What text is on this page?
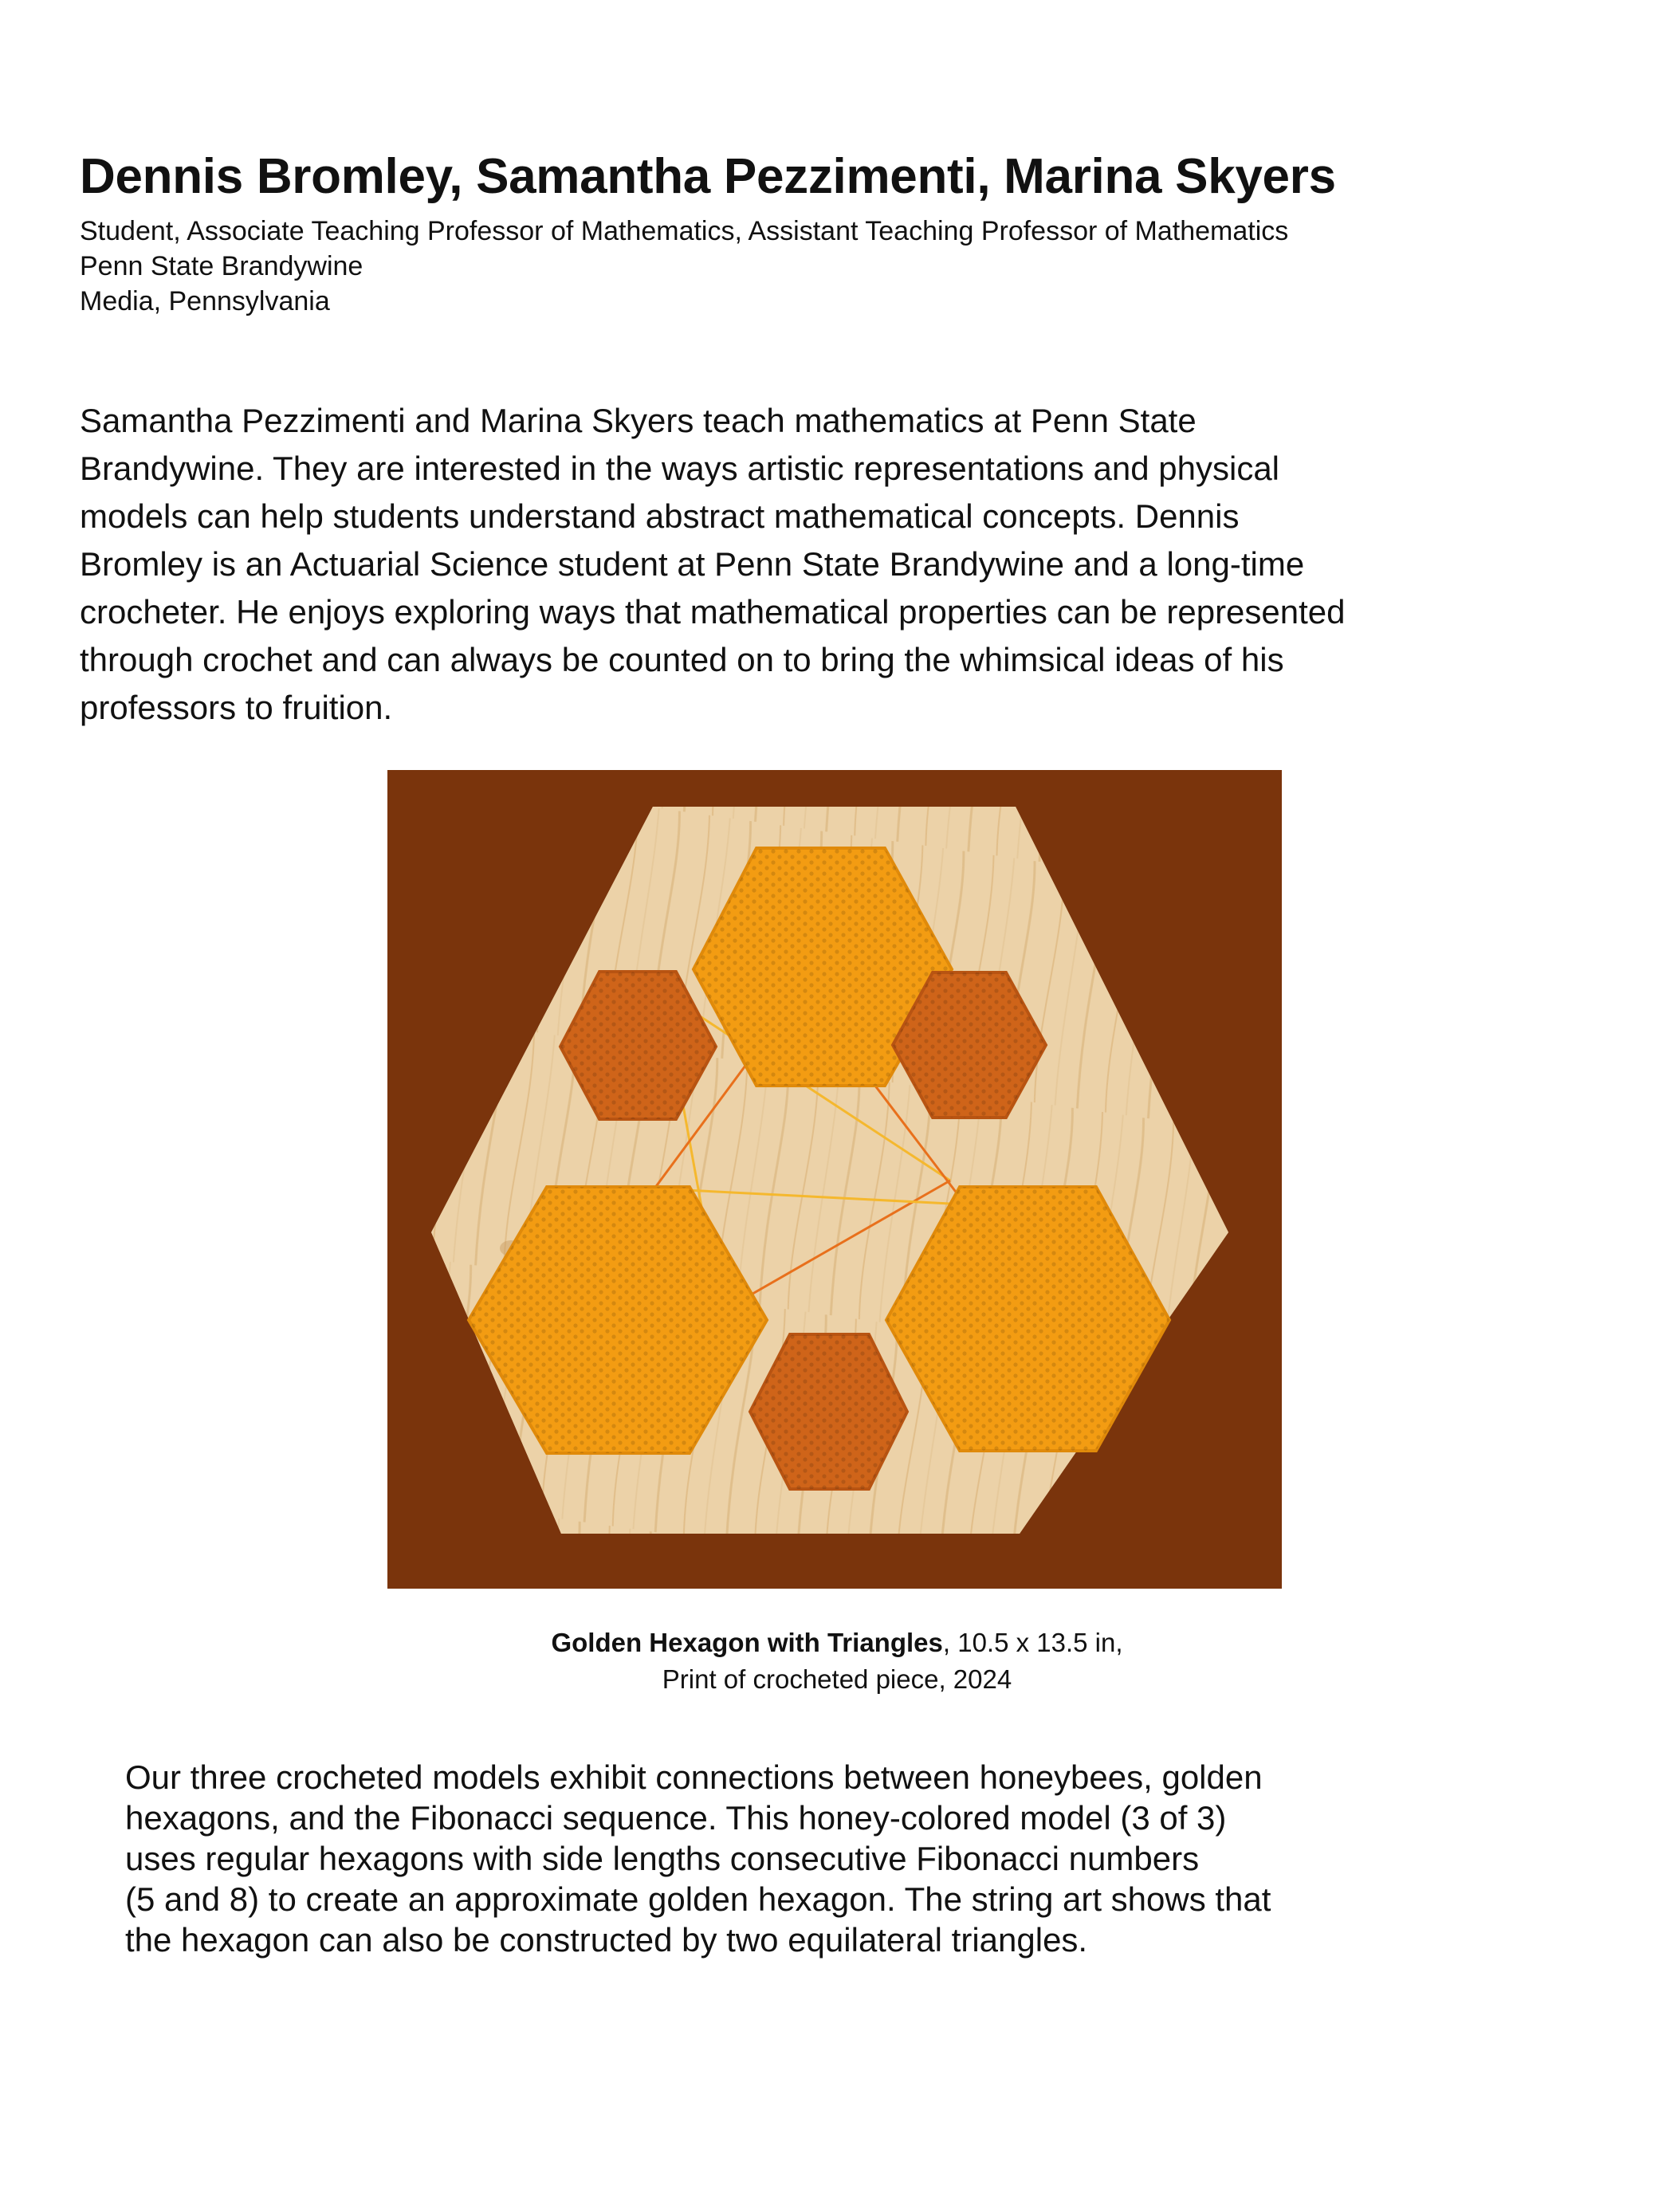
Dennis Bromley, Samantha Pezzimenti, Marina Skyers
Student, Associate Teaching Professor of Mathematics, Assistant Teaching Professor of Mathematics
Penn State Brandywine
Media, Pennsylvania
Samantha Pezzimenti and Marina Skyers teach mathematics at Penn State
Brandywine. They are interested in the ways artistic representations and physical
models can help students understand abstract mathematical concepts. Dennis
Bromley is an Actuarial Science student at Penn State Brandywine and a long-time
crocheter. He enjoys exploring ways that mathematical properties can be represented
through crochet and can always be counted on to bring the whimsical ideas of his
professors to fruition.
Golden Hexagon with Triangles, 10.5 x 13.5 in,
Print of crocheted piece, 2024
Our three crocheted models exhibit connections between honeybees, golden
hexagons, and the Fibonacci sequence. This honey-colored model (3 of 3)
uses regular hexagons with side lengths consecutive Fibonacci numbers
(5 and 8) to create an approximate golden hexagon. The string art shows that
the hexagon can also be constructed by two equilateral triangles.
